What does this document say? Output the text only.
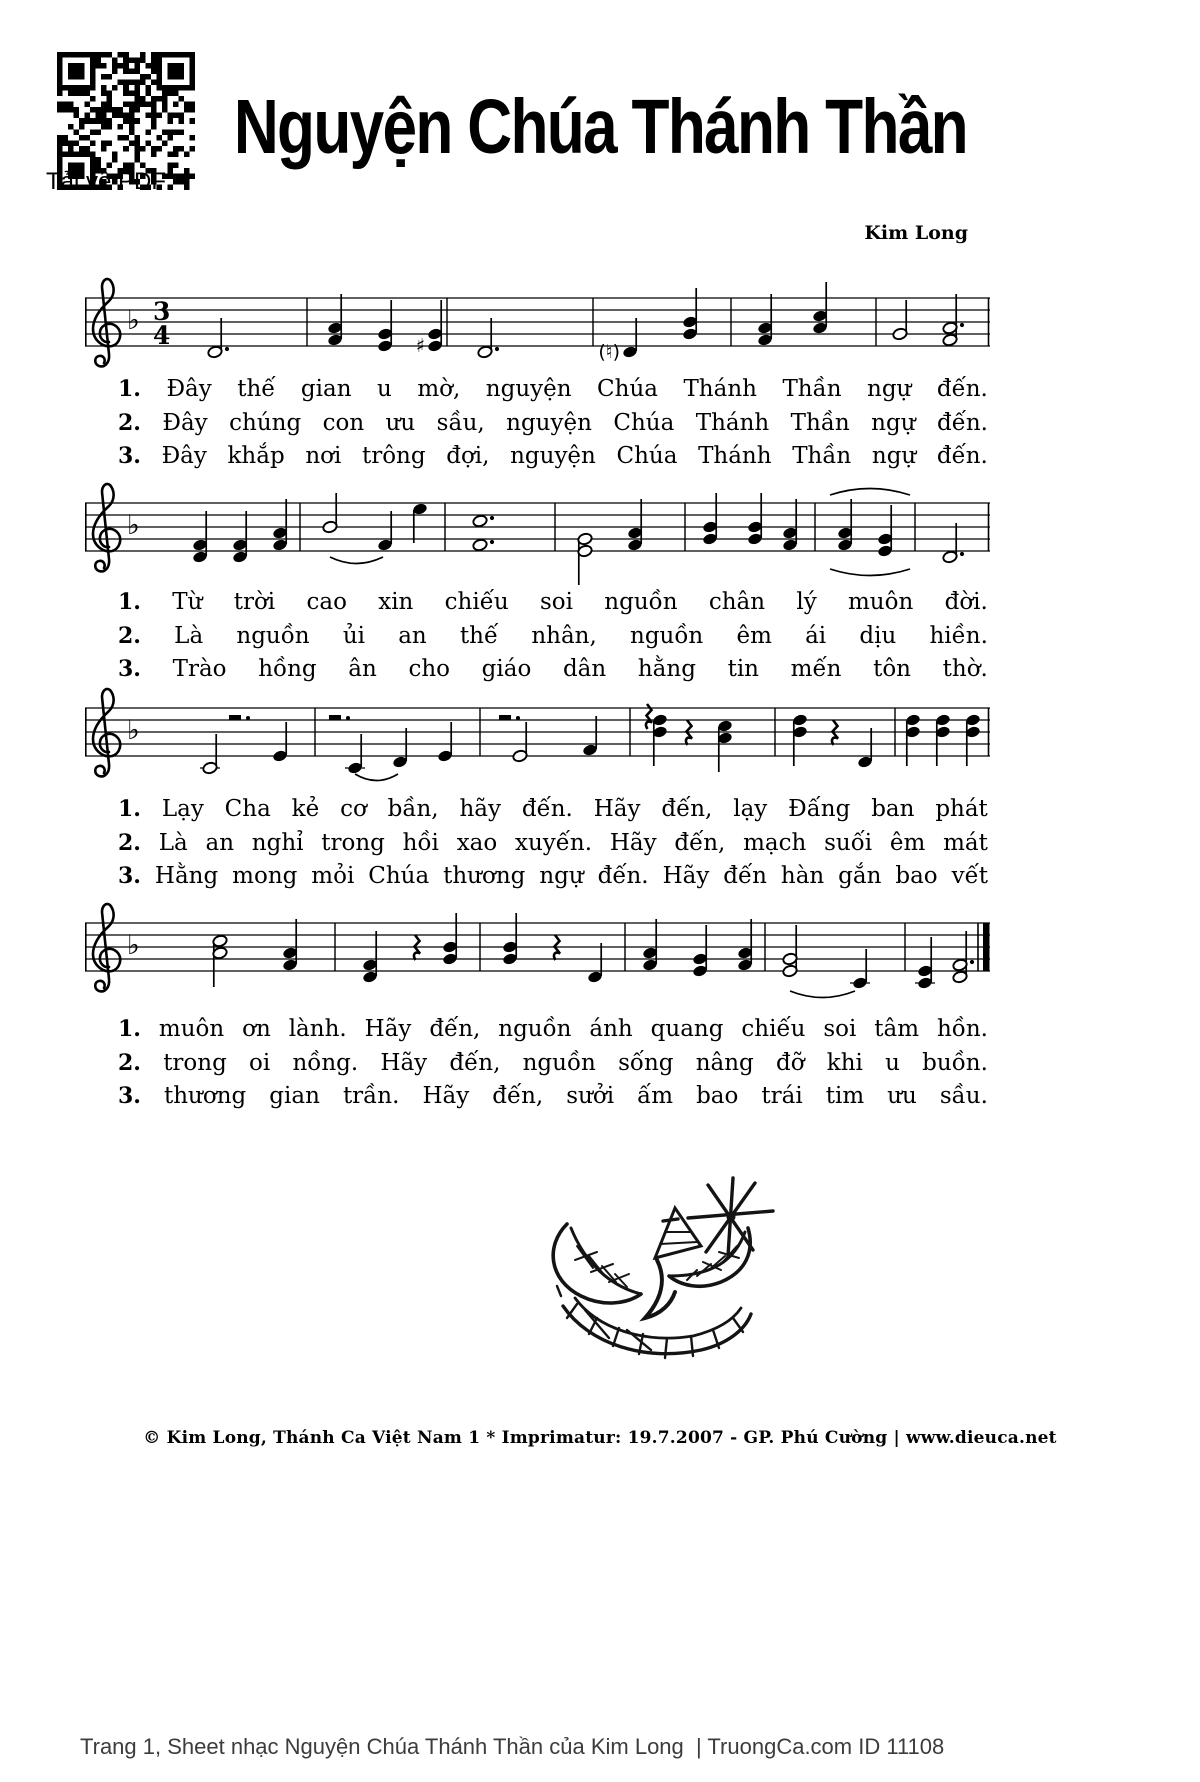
Tải về PDF
Nguyện Chúa Thánh Thần
Kim Long
♭ 3
4	♯	(♮)
1. Đây thế gian u mờ, nguyện Chúa Thánh Thần ngự đến.
2. Đây chúng con ưu sầu, nguyện Chúa Thánh Thần ngự đến.
3. Đây khắp nơi trông đợi, nguyện Chúa Thánh Thần ngự đến.
♭
1. Từ trời cao xin chiếu soi nguồn chân lý muôn đời.
2. Là nguồn ủi an thế nhân, nguồn êm ái dịu hiền.
3. Trào hồng ân cho giáo dân hằng tin mến tôn thờ.
♭
1. Lạy Cha kẻ cơ bần, hãy đến. Hãy đến, lạy Đấng ban phát
2. Là an nghỉ trong hồi xao xuyến. Hãy đến, mạch suối êm mát
3. Hằng mong mỏi Chúa thương ngự đến. Hãy đến hàn gắn bao vết
♭
1. muôn ơn lành. Hãy đến, nguồn ánh quang chiếu soi tâm hồn.
2. trong oi nồng. Hãy đến, nguồn sống nâng đỡ khi u buồn.
3. thương gian trần. Hãy đến, sưởi ấm bao trái tim ưu sầu.
© Kim Long, Thánh Ca Việt Nam 1 * Imprimatur: 19.7.2007 - GP. Phú Cường | www.dieuca.net
Trang 1, Sheet nhạc Nguyện Chúa Thánh Thần của Kim Long  | TruongCa.com ID 11108
